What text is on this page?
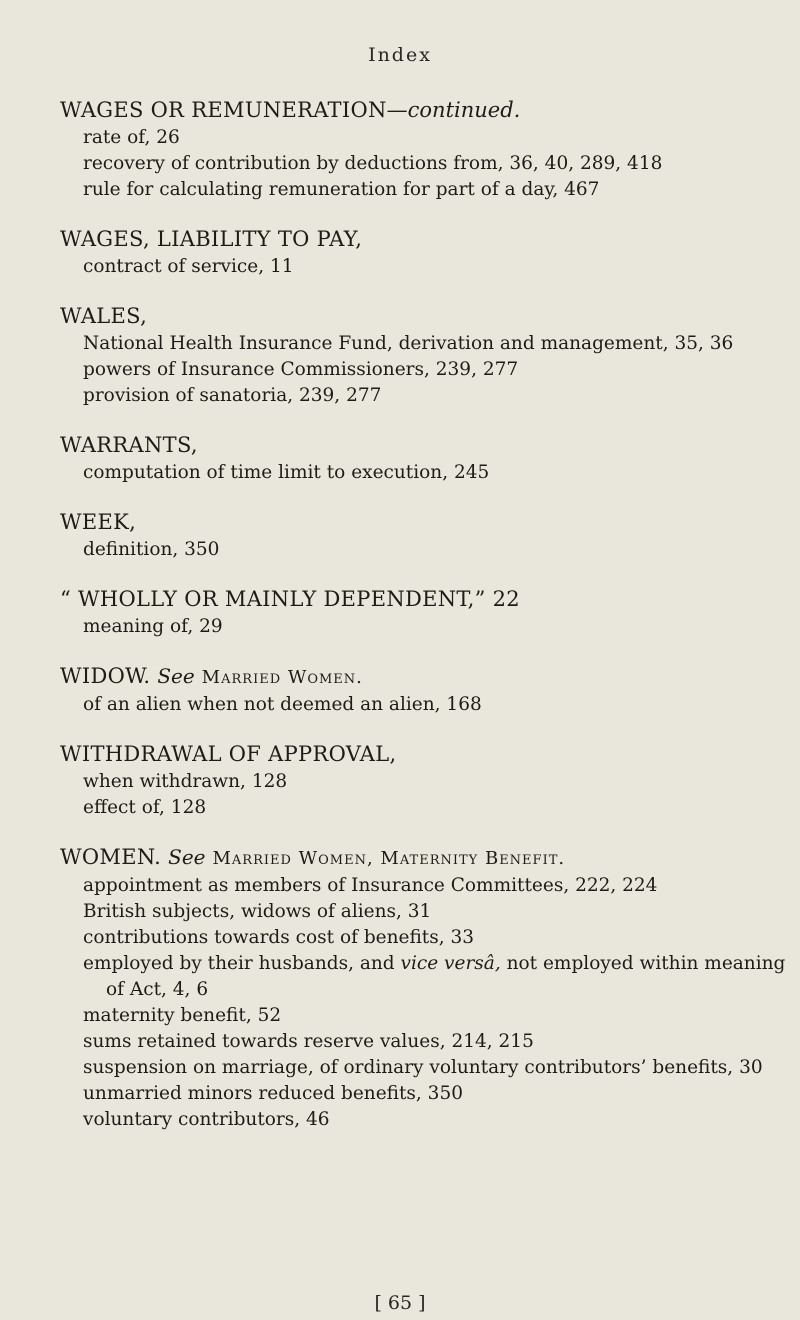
Index
WAGES OR REMUNERATION—continued.
rate of, 26
recovery of contribution by deductions from, 36, 40, 289, 418
rule for calculating remuneration for part of a day, 467
WAGES, LIABILITY TO PAY,
contract of service, 11
WALES,
National Health Insurance Fund, derivation and management, 35, 36
powers of Insurance Commissioners, 239, 277
provision of sanatoria, 239, 277
WARRANTS,
computation of time limit to execution, 245
WEEK,
definition, 350
“ WHOLLY OR MAINLY DEPENDENT,” 22
meaning of, 29
WIDOW. See Married Women.
of an alien when not deemed an alien, 168
WITHDRAWAL OF APPROVAL,
when withdrawn, 128
effect of, 128
WOMEN. See Married Women, Maternity Benefit.
appointment as members of Insurance Committees, 222, 224
British subjects, widows of aliens, 31
contributions towards cost of benefits, 33
employed by their husbands, and vice versâ, not employed within meaning of Act, 4, 6
maternity benefit, 52
sums retained towards reserve values, 214, 215
suspension on marriage, of ordinary voluntary contributors’ benefits, 30
unmarried minors reduced benefits, 350
voluntary contributors, 46
[ 65 ]
